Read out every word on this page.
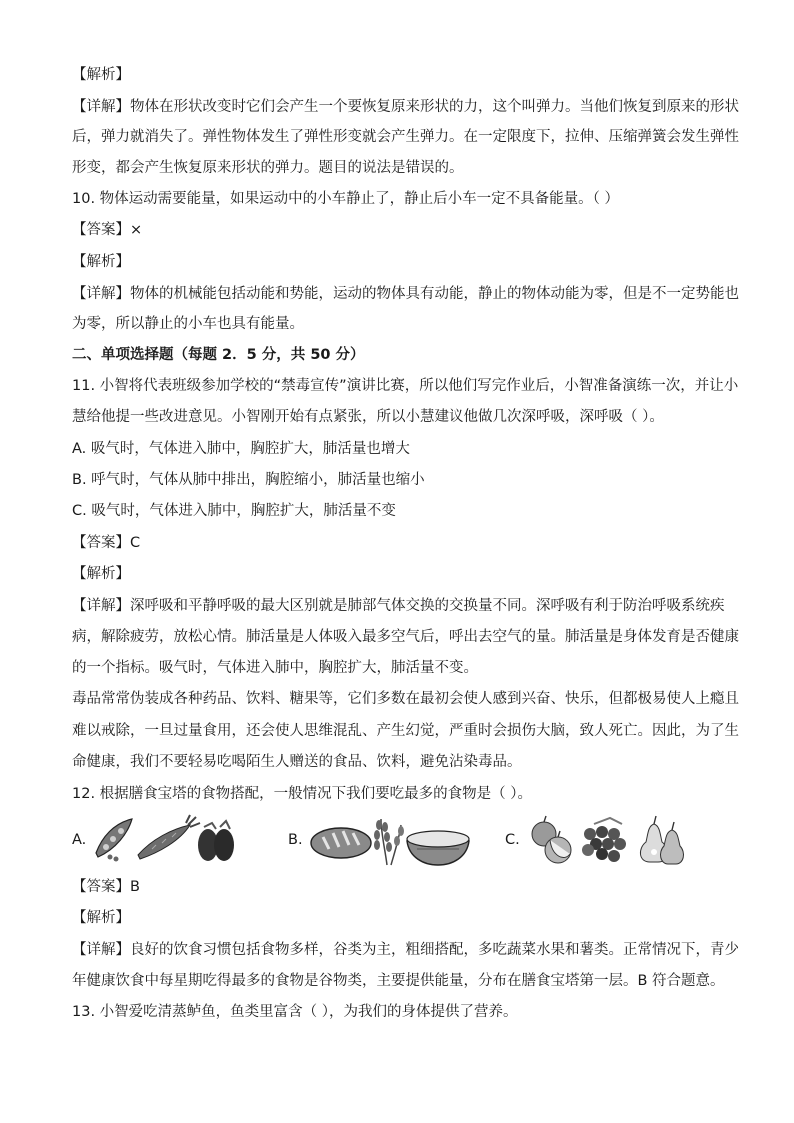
【解析】
【详解】物体在形状改变时它们会产生一个要恢复原来形状的力，这个叫弹力。当他们恢复到原来的形状
后，弹力就消失了。弹性物体发生了弹性形变就会产生弹力。在一定限度下，拉伸、压缩弹簧会发生弹性
形变，都会产生恢复原来形状的弹力。题目的说法是错误的。
10. 物体运动需要能量，如果运动中的小车静止了，静止后小车一定不具备能量。（ ）
【答案】×
【解析】
【详解】物体的机械能包括动能和势能，运动的物体具有动能，静止的物体动能为零，但是不一定势能也
为零，所以静止的小车也具有能量。
二、单项选择题（每题 2．5 分，共 50 分）
11. 小智将代表班级参加学校的“禁毒宣传”演讲比赛，所以他们写完作业后，小智准备演练一次，并让小
慧给他提一些改进意见。小智刚开始有点紧张，所以小慧建议他做几次深呼吸，深呼吸（ ）。
A. 吸气时，气体进入肺中，胸腔扩大，肺活量也增大
B. 呼气时，气体从肺中排出，胸腔缩小，肺活量也缩小
C. 吸气时，气体进入肺中，胸腔扩大，肺活量不变
【答案】C
【解析】
【详解】深呼吸和平静呼吸的最大区别就是肺部气体交换的交换量不同。深呼吸有利于防治呼吸系统疾
病，解除疲劳，放松心情。肺活量是人体吸入最多空气后，呼出去空气的量。肺活量是身体发育是否健康
的一个指标。吸气时，气体进入肺中，胸腔扩大，肺活量不变。
毒品常常伪装成各种药品、饮料、糖果等，它们多数在最初会使人感到兴奋、快乐，但都极易使人上瘾且
难以戒除，一旦过量食用，还会使人思维混乱、产生幻觉，严重时会损伤大脑，致人死亡。因此，为了生
命健康，我们不要轻易吃喝陌生人赠送的食品、饮料，避免沾染毒品。
12. 根据膳食宝塔的食物搭配，一般情况下我们要吃最多的食物是（ ）。
A.	B.	C.
【答案】B
【解析】
【详解】良好的饮食习惯包括食物多样，谷类为主，粗细搭配，多吃蔬菜水果和薯类。正常情况下，青少
年健康饮食中每星期吃得最多的食物是谷物类，主要提供能量，分布在膳食宝塔第一层。B 符合题意。
13. 小智爱吃清蒸鲈鱼，鱼类里富含（ ），为我们的身体提供了营养。
